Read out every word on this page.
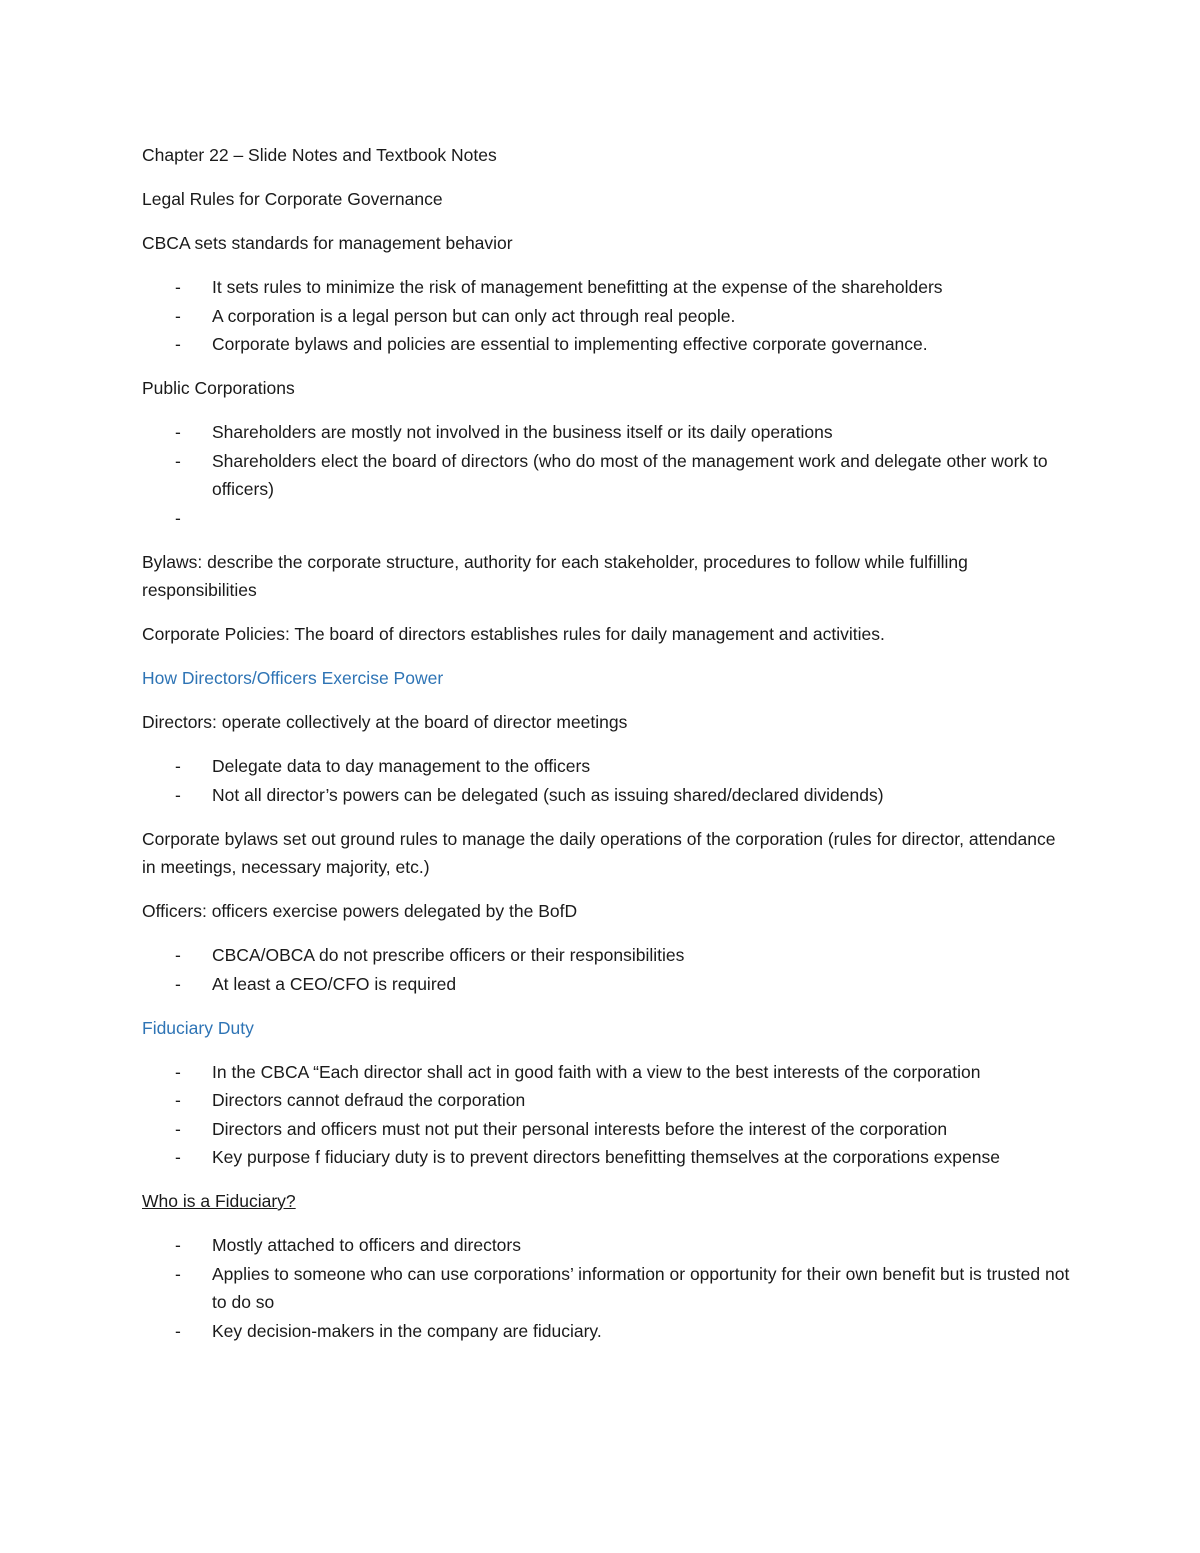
Chapter 22 – Slide Notes and Textbook Notes

Legal Rules for Corporate Governance

CBCA sets standards for management behavior

- It sets rules to minimize the risk of management benefitting at the expense of the shareholders
- A corporation is a legal person but can only act through real people.
- Corporate bylaws and policies are essential to implementing effective corporate governance.

Public Corporations

- Shareholders are mostly not involved in the business itself or its daily operations
- Shareholders elect the board of directors (who do most of the management work and delegate other work to officers)
-

Bylaws: describe the corporate structure, authority for each stakeholder, procedures to follow while fulfilling responsibilities

Corporate Policies: The board of directors establishes rules for daily management and activities.

How Directors/Officers Exercise Power

Directors: operate collectively at the board of director meetings

- Delegate data to day management to the officers
- Not all director’s powers can be delegated (such as issuing shared/declared dividends)

Corporate bylaws set out ground rules to manage the daily operations of the corporation (rules for director, attendance in meetings, necessary majority, etc.)

Officers: officers exercise powers delegated by the BofD

- CBCA/OBCA do not prescribe officers or their responsibilities
- At least a CEO/CFO is required

Fiduciary Duty

- In the CBCA “Each director shall act in good faith with a view to the best interests of the corporation
- Directors cannot defraud the corporation
- Directors and officers must not put their personal interests before the interest of the corporation
- Key purpose f fiduciary duty is to prevent directors benefitting themselves at the corporations expense

Who is a Fiduciary?

- Mostly attached to officers and directors
- Applies to someone who can use corporations’ information or opportunity for their own benefit but is trusted not to do so
- Key decision-makers in the company are fiduciary.
